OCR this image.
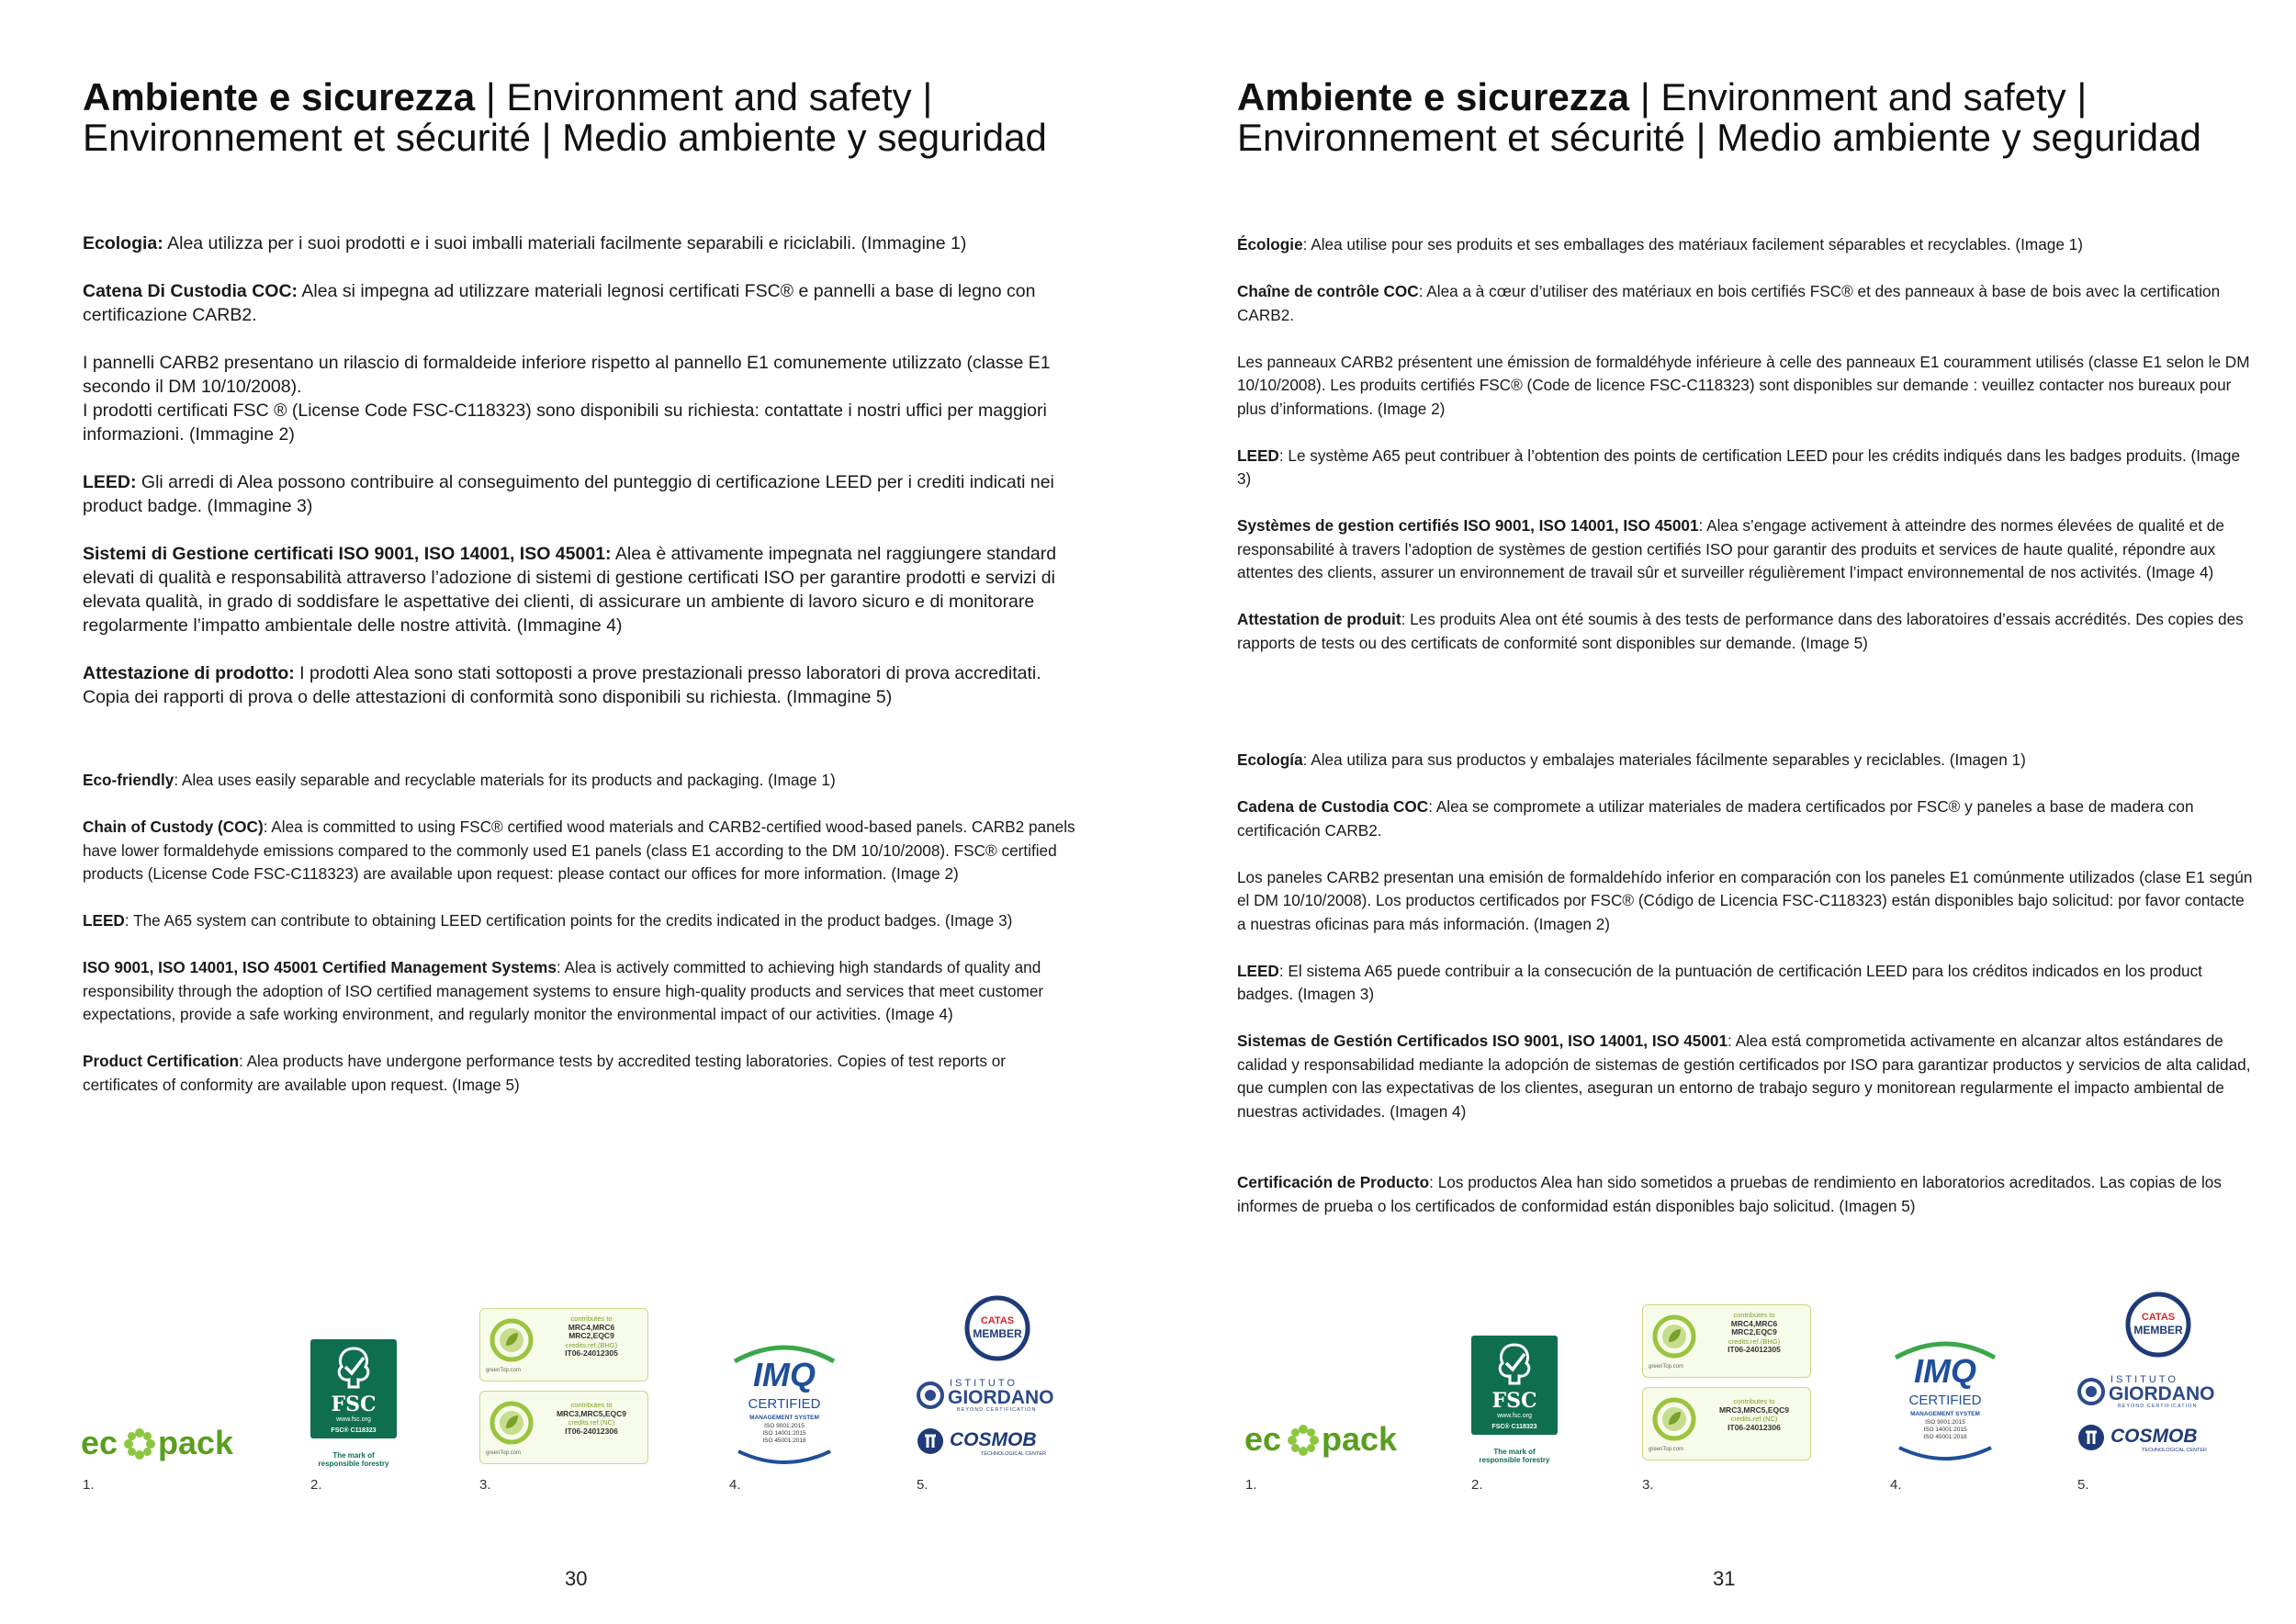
Ambiente e sicurezza | Environment and safety | Environnement et sécurité | Medio ambiente y seguridad

Ecologia: Alea utilizza per i suoi prodotti e i suoi imballi materiali facilmente separabili e riciclabili. (Immagine 1)

Catena Di Custodia COC: Alea si impegna ad utilizzare materiali legnosi certificati FSC® e pannelli a base di legno con certificazione CARB2.

I pannelli CARB2 presentano un rilascio di formaldeide inferiore rispetto al pannello E1 comunemente utilizzato (classe E1 secondo il DM 10/10/2008).
I prodotti certificati FSC ® (License Code FSC-C118323) sono disponibili su richiesta: contattate i nostri uffici per maggiori informazioni. (Immagine 2)

LEED: Gli arredi di Alea possono contribuire al conseguimento del punteggio di certificazione LEED per i crediti indicati nei product badge. (Immagine 3)

Sistemi di Gestione certificati ISO 9001, ISO 14001, ISO 45001: Alea è attivamente impegnata nel raggiungere standard elevati di qualità e responsabilità attraverso l’adozione di sistemi di gestione certificati ISO per garantire prodotti e servizi di elevata qualità, in grado di soddisfare le aspettative dei clienti, di assicurare un ambiente di lavoro sicuro e di monitorare regolarmente l’impatto ambientale delle nostre attività. (Immagine 4)

Attestazione di prodotto: I prodotti Alea sono stati sottoposti a prove prestazionali presso laboratori di prova accreditati.
Copia dei rapporti di prova o delle attestazioni di conformità sono disponibili su richiesta. (Immagine 5)

Eco-friendly: Alea uses easily separable and recyclable materials for its products and packaging. (Image 1)

Chain of Custody (COC): Alea is committed to using FSC® certified wood materials and CARB2-certified wood-based panels. CARB2 panels have lower formaldehyde emissions compared to the commonly used E1 panels (class E1 according to the DM 10/10/2008). FSC® certified products (License Code FSC-C118323) are available upon request: please contact our offices for more information. (Image 2)

LEED: The A65 system can contribute to obtaining LEED certification points for the credits indicated in the product badges. (Image 3)

ISO 9001, ISO 14001, ISO 45001 Certified Management Systems: Alea is actively committed to achieving high standards of quality and responsibility through the adoption of ISO certified management systems to ensure high-quality products and services that meet customer expectations, provide a safe working environment, and regularly monitor the environmental impact of our activities. (Image 4)

Product Certification: Alea products have undergone performance tests by accredited testing laboratories. Copies of test reports or certificates of conformity are available upon request. (Image 5)

ec pack
1.
FSC
www.fsc.org
FSC® C118323
The mark of
responsible forestry
2.
contributes to
MRC4,MRC6
MRC2,EQC9
credits.ref.(BHG)
IT06-24012305
greenTop.com
contributes to
MRC3,MRC5,EQC9
credits.ref.(NC)
IT06-24012306
greenTop.com
3.
IMQ
CERTIFIED
MANAGEMENT SYSTEM
ISO 9001:2015
ISO 14001:2015
ISO 45001:2018
4.
CATAS
MEMBER
ISTITUTO
GIORDANO
BEYOND CERTIFICATION
COSMOB
TECHNOLOGICAL CENTER
5.
30
Ambiente e sicurezza | Environment and safety | Environnement et sécurité | Medio ambiente y seguridad

Écologie: Alea utilise pour ses produits et ses emballages des matériaux facilement séparables et recyclables. (Image 1)

Chaîne de contrôle COC: Alea a à cœur d’utiliser des matériaux en bois certifiés FSC® et des panneaux à base de bois avec la certification CARB2.

Les panneaux CARB2 présentent une émission de formaldéhyde inférieure à celle des panneaux E1 couramment utilisés (classe E1 selon le DM 10/10/2008). Les produits certifiés FSC® (Code de licence FSC-C118323) sont disponibles sur demande : veuillez contacter nos bureaux pour plus d’informations. (Image 2)

LEED: Le système A65 peut contribuer à l’obtention des points de certification LEED pour les crédits indiqués dans les badges produits. (Image 3)

Systèmes de gestion certifiés ISO 9001, ISO 14001, ISO 45001: Alea s’engage activement à atteindre des normes élevées de qualité et de responsabilité à travers l’adoption de systèmes de gestion certifiés ISO pour garantir des produits et services de haute qualité, répondre aux attentes des clients, assurer un environnement de travail sûr et surveiller régulièrement l’impact environnemental de nos activités. (Image 4)

Attestation de produit: Les produits Alea ont été soumis à des tests de performance dans des laboratoires d’essais accrédités. Des copies des rapports de tests ou des certificats de conformité sont disponibles sur demande. (Image 5)

Ecología: Alea utiliza para sus productos y embalajes materiales fácilmente separables y reciclables. (Imagen 1)

Cadena de Custodia COC: Alea se compromete a utilizar materiales de madera certificados por FSC® y paneles a base de madera con certificación CARB2.

Los paneles CARB2 presentan una emisión de formaldehído inferior en comparación con los paneles E1 comúnmente utilizados (clase E1 según el DM 10/10/2008). Los productos certificados por FSC® (Código de Licencia FSC-C118323) están disponibles bajo solicitud: por favor contacte a nuestras oficinas para más información. (Imagen 2)

LEED: El sistema A65 puede contribuir a la consecución de la puntuación de certificación LEED para los créditos indicados en los product badges. (Imagen 3)

Sistemas de Gestión Certificados ISO 9001, ISO 14001, ISO 45001: Alea está comprometida activamente en alcanzar altos estándares de calidad y responsabilidad mediante la adopción de sistemas de gestión certificados por ISO para garantizar productos y servicios de alta calidad, que cumplen con las expectativas de los clientes, aseguran un entorno de trabajo seguro y monitorean regularmente el impacto ambiental de nuestras actividades. (Imagen 4)

Certificación de Producto: Los productos Alea han sido sometidos a pruebas de rendimiento en laboratorios acreditados. Las copias de los informes de prueba o los certificados de conformidad están disponibles bajo solicitud. (Imagen 5)

ec pack
1.
FSC
www.fsc.org
FSC® C118323
The mark of
responsible forestry
2.
contributes to
MRC4,MRC6
MRC2,EQC9
credits.ref.(BHG)
IT06-24012305
greenTop.com
contributes to
MRC3,MRC5,EQC9
credits.ref.(NC)
IT06-24012306
greenTop.com
3.
IMQ
CERTIFIED
MANAGEMENT SYSTEM
ISO 9001:2015
ISO 14001:2015
ISO 45001:2018
4.
CATAS
MEMBER
ISTITUTO
GIORDANO
BEYOND CERTIFICATION
COSMOB
TECHNOLOGICAL CENTER
5.
31
